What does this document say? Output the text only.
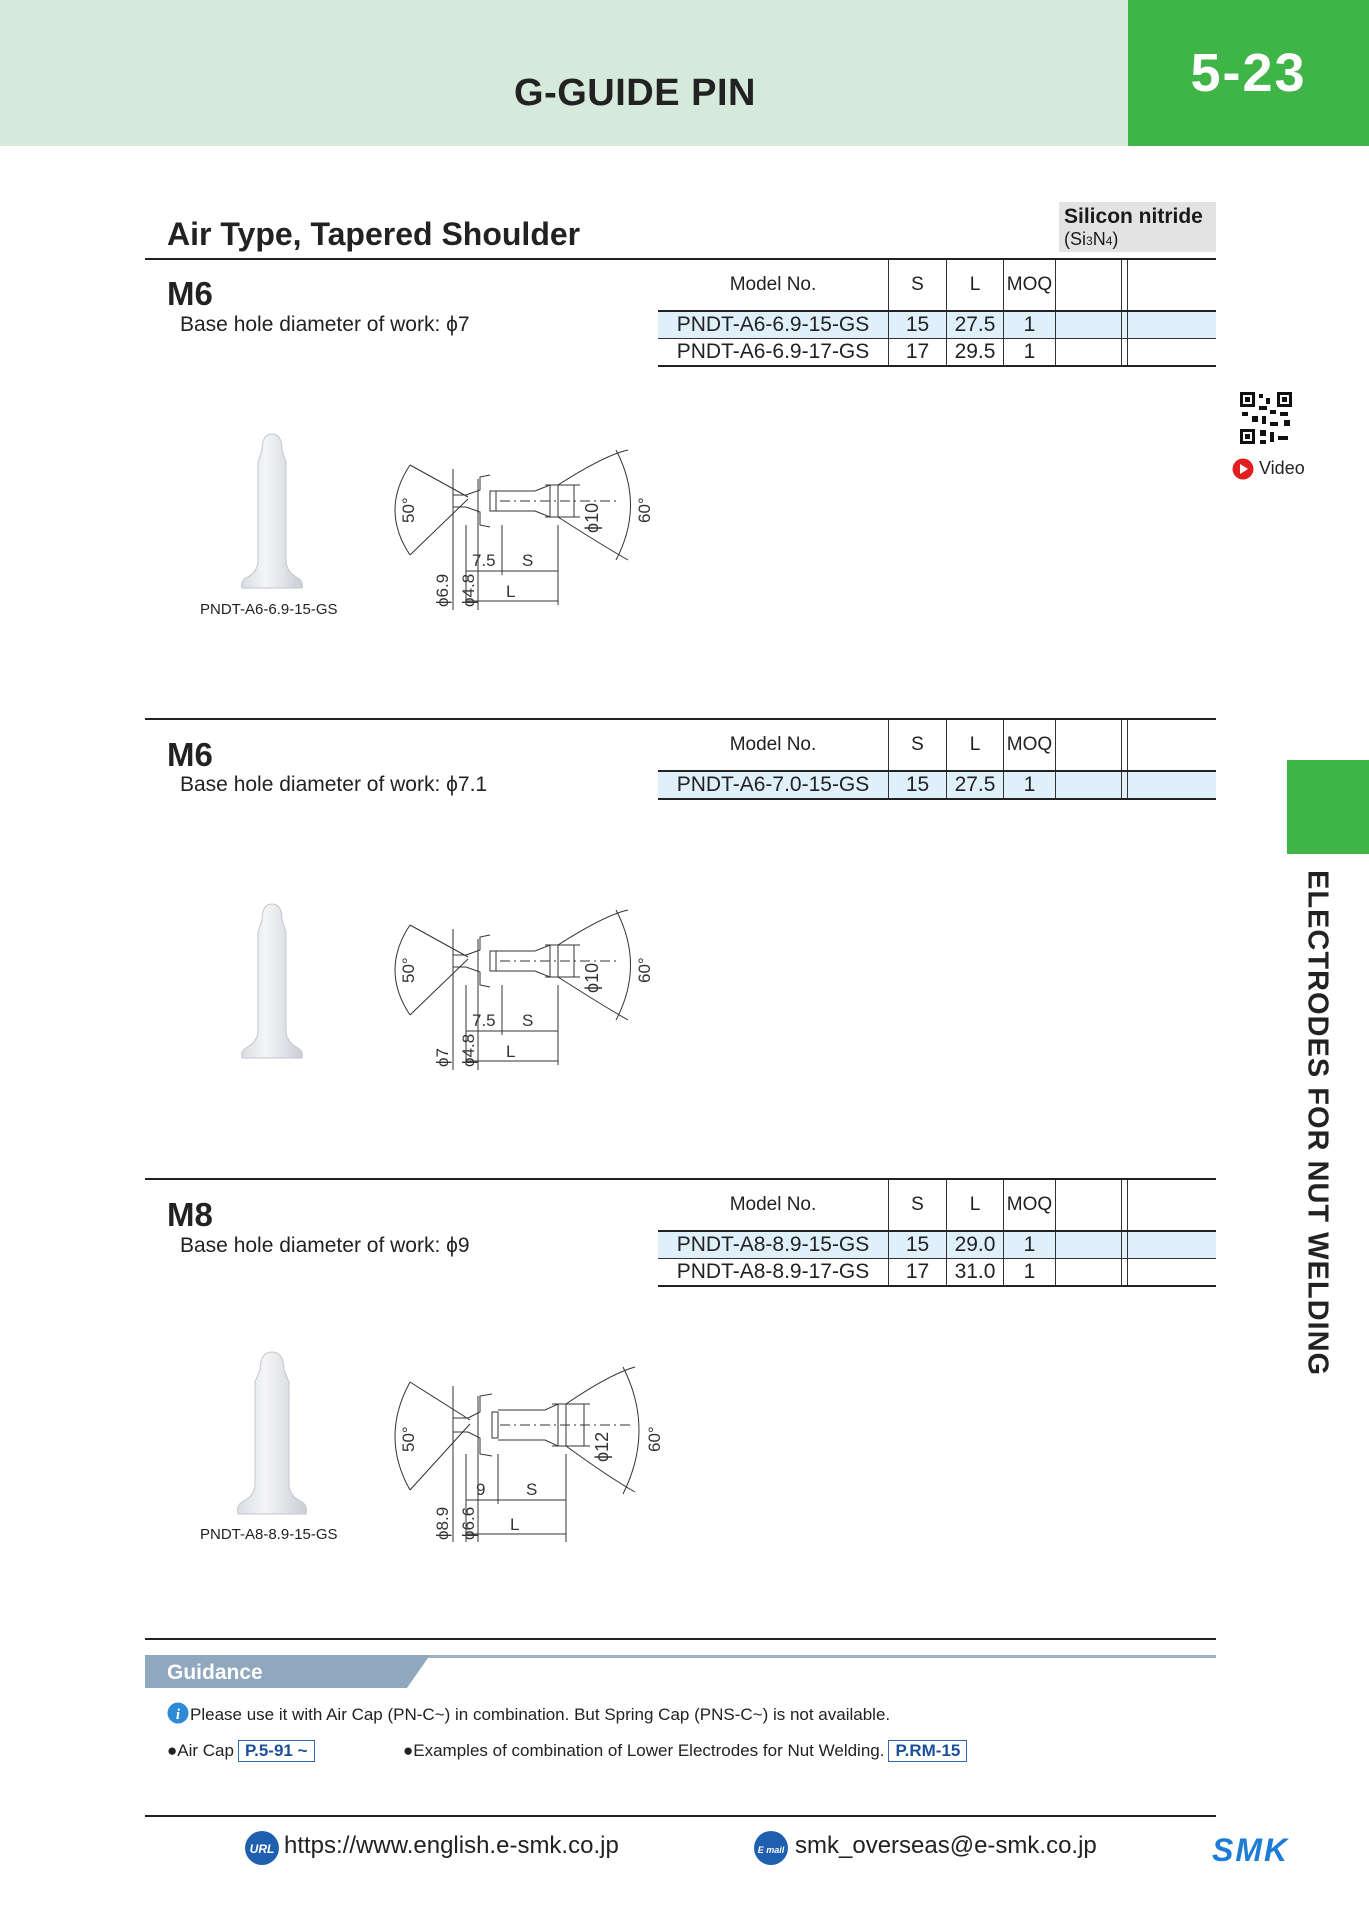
G-GUIDE PIN	5-23
Air Type, Tapered Shoulder	Silicon nitride
(Si3N4)
Video
ELECTRODES FOR NUT WELDING
M6
Base hole diameter of work: ϕ7
Model No.	S	L	MOQ			
PNDT-A6-6.9-15-GS	15	27.5	1			
PNDT-A6-6.9-17-GS	17	29.5	1			
PNDT-A6-6.9-15-GS
50°	60°
ϕ10
ϕ6.9 ϕ4.8
7.5 S
L
M6
Base hole diameter of work: ϕ7.1
Model No.	S	L	MOQ			
PNDT-A6-7.0-15-GS	15	27.5	1			
50°	60°
ϕ10
ϕ7 ϕ4.8
7.5 S
L
M8
Base hole diameter of work: ϕ9
Model No.	S	L	MOQ			
PNDT-A8-8.9-15-GS	15	29.0	1			
PNDT-A8-8.9-17-GS	17	31.0	1			
PNDT-A8-8.9-15-GS
50°	60°
ϕ12
ϕ8.9 ϕ6.6
9 S
L
Guidance
i Please use it with Air Cap (PN-C~) in combination. But Spring Cap (PNS-C~) is not available.
●Air Cap P.5-91 ~	●Examples of combination of Lower Electrodes for Nut Welding. P.RM-15
URL https://www.english.e-smk.co.jp	E mail smk_overseas@e-smk.co.jp	SMK
